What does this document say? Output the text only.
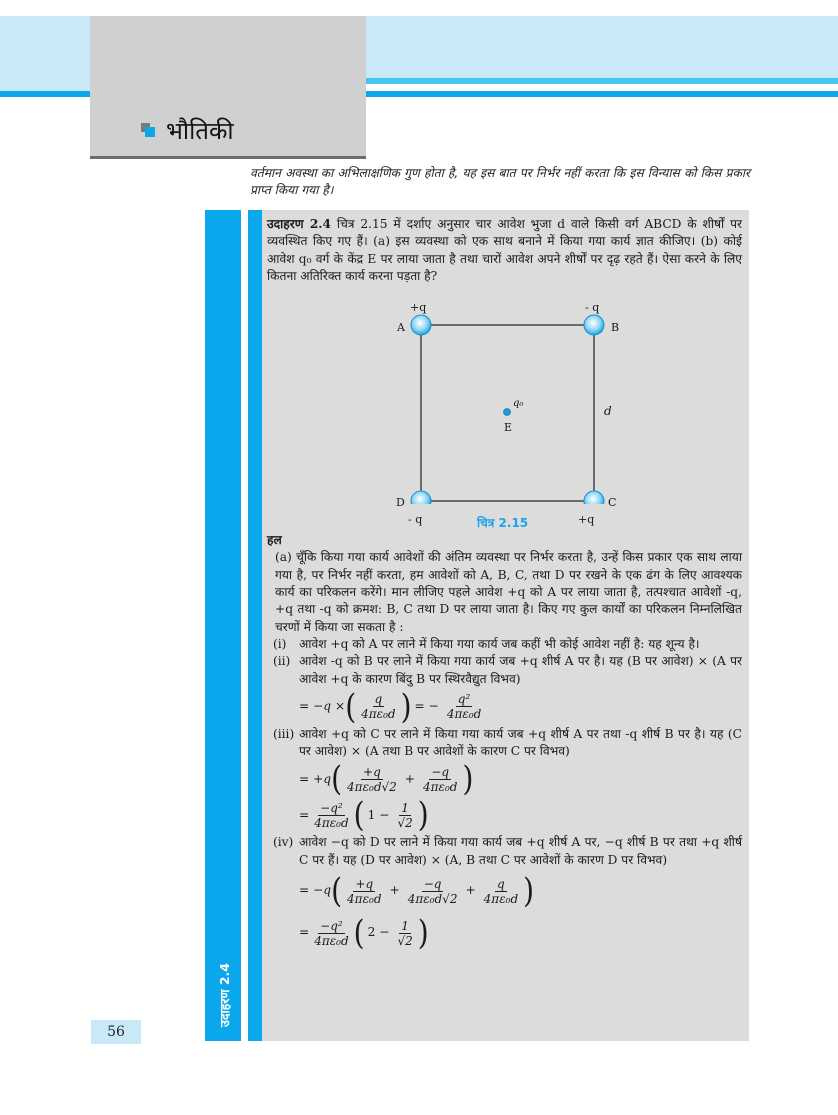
भौतिकी
वर्तमान अवस्था का अभिलाक्षणिक गुण होता है, यह इस बात पर निर्भर नहीं करता कि इस विन्यास को किस प्रकार प्राप्त किया गया है।
उदाहरण 2.4

उदाहरण 2.4 चित्र 2.15 में दर्शाए अनुसार चार आवेश भुजा d वाले किसी वर्ग ABCD के शीर्षों पर व्यवस्थित किए गए हैं। (a) इस व्यवस्था को एक साथ बनाने में किया गया कार्य ज्ञात कीजिए। (b) कोई आवेश q₀ वर्ग के केंद्र E पर लाया जाता है तथा चारों आवेश अपने शीर्षों पर दृढ़ रहते हैं। ऐसा करने के लिए कितना अतिरिक्त कार्य करना पड़ता है?

+q
A
- q
B
C
+q
D
- q
q₀
E
d
चित्र 2.15

हल

(a) चूँकि किया गया कार्य आवेशों की अंतिम व्यवस्था पर निर्भर करता है, उन्हें किस प्रकार एक साथ लाया गया है, पर निर्भर नहीं करता, हम आवेशों को A, B, C, तथा D पर रखने के एक ढंग के लिए आवश्यक कार्य का परिकलन करेंगे। मान लीजिए पहले आवेश +q को A पर लाया जाता है, तत्पश्चात आवेशों -q, +q तथा -q को क्रमश: B, C तथा D पर लाया जाता है। किए गए कुल कार्यों का परिकलन निम्नलिखित चरणों में किया जा सकता है :

(i) आवेश +q को A पर लाने में किया गया कार्य जब कहीं भी कोई आवेश नहीं है: यह शून्य है।
(ii) आवेश -q को B पर लाने में किया गया कार्य जब +q शीर्ष A पर है। यह (B पर आवेश) × (A पर आवेश +q के कारण बिंदु B पर स्थिरवैद्युत विभव)
= −q × ( $\frac{q}{\text{4πε₀d}}$ ) = − $\frac{\text{q²}}{\text{4πε₀d}}$
(iii) आवेश +q को C पर लाने में किया गया कार्य जब +q शीर्ष A पर तथा -q शीर्ष B पर है। यह (C पर आवेश) × (A तथा B पर आवेशों के कारण C पर विभव)
= +q ( $\frac{+q}{\text{4πε₀d√2}} + \frac{-q}{\text{4πε₀d}}$ )
= $\frac{\text{−q²}}{\text{4πε₀d}}$ ( $1 - \frac{1}{√2}$ )
(iv) आवेश −q को D पर लाने में किया गया कार्य जब +q शीर्ष A पर, −q शीर्ष B पर तथा +q शीर्ष C पर हैं। यह (D पर आवेश) × (A, B तथा C पर आवेशों के कारण D पर विभव)
= −q ( $\frac{+q}{\text{4πε₀d}} + \frac{-q}{\text{4πε₀d√2}} + \frac{q}{\text{4πε₀d}}$ )
= $\frac{\text{−q²}}{\text{4πε₀d}}$ ( $2 - \frac{1}{√2}$ )
56
